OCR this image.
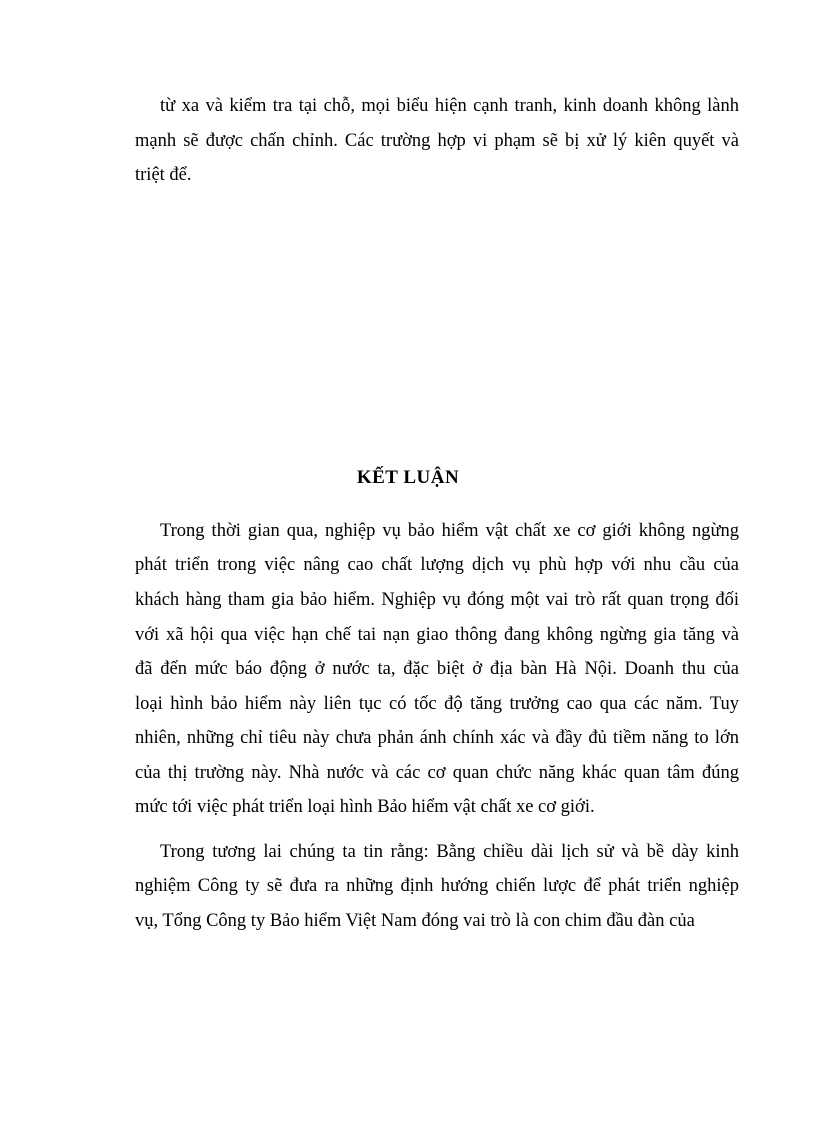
từ xa và kiểm tra tại chỗ, mọi biểu hiện cạnh tranh, kinh doanh không lành
mạnh sẽ được chấn chỉnh. Các trường hợp vi phạm sẽ bị xử lý kiên quyết và
triệt để.
KẾT LUẬN
Trong thời gian qua, nghiệp vụ bảo hiểm vật chất xe cơ giới không ngừng
phát triển trong việc nâng cao chất lượng dịch vụ phù hợp với nhu cầu của
khách hàng tham gia bảo hiểm. Nghiệp vụ đóng một vai trò rất quan trọng đối
với xã hội qua việc hạn chế tai nạn giao thông đang không ngừng gia tăng và
đã đến mức báo động ở nước ta, đặc biệt ở địa bàn Hà Nội. Doanh thu của
loại hình bảo hiểm này liên tục có tốc độ tăng trưởng cao qua các năm. Tuy
nhiên, những chỉ tiêu này chưa phản ánh chính xác và đầy đủ tiềm năng to lớn
của thị trường này. Nhà nước và các cơ quan chức năng khác quan tâm đúng
mức tới việc phát triển loại hình Bảo hiểm vật chất xe cơ giới.
Trong tương lai chúng ta tin rằng: Bằng chiều dài lịch sử và bề dày kinh
nghiệm Công ty sẽ đưa ra những định hướng chiến lược để phát triển nghiệp
vụ, Tổng Công ty Bảo hiểm Việt Nam đóng vai trò là con chim đầu đàn của
